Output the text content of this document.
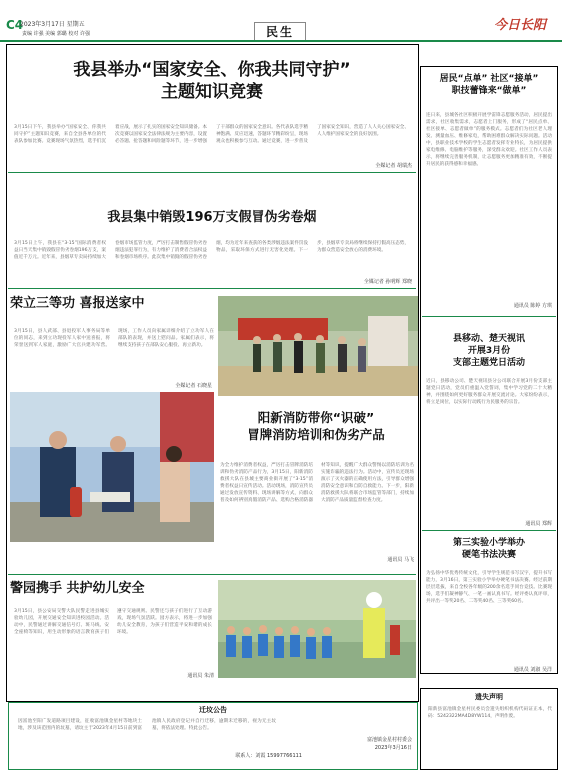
C4
2023年3月17日 星期五
责编 许强 美编 郭璐 校对 许强	民生	今日长阳
我县举办“国家安全、你我共同守护”
主题知识竞赛
3月15日下午，我县举办“国家安全、你我共同守护”主题知识竞赛，来自全县各单位的代表队参加比赛。竞赛现场气氛热烈，选手们沉着应战，展示了扎实的国家安全知识储备。本次竞赛以国家安全法律法规为主要内容，设置必答题、抢答题和风险题等环节，进一步增强了干部群众的国家安全意识。各代表队选手精神饱满、反应迅速，答题环节精彩纷呈，现场观众也积极参与互动。通过竞赛，进一步普及了国家安全知识，营造了人人关心国家安全、人人维护国家安全的良好氛围。
全媒记者 胡瑞杰
我县集中销毁196万支假冒伪劣卷烟
3月15日上午，我县在“3·15”国际消费者权益日当天集中销毁假冒伪劣卷烟196万支，案值近千万元。近年来，县烟草专卖局持续加大卷烟市场监管力度，严厉打击制售假冒伪劣卷烟违法犯罪行为，有力维护了消费者合法权益和卷烟市场秩序。此次集中销毁的假冒伪劣卷烟，均为近年来查获的各类涉烟违法案件罚没物品，采取环保方式进行无害化处理。下一步，县烟草专卖局将继续保持打假高压态势，为群众营造安全放心的消费环境。
全媒记者 孙明辉 郑晓
荣立三等功 喜报送家中
3月15日，县人武部、县退役军人事务局等单位的同志，来到立功现役军人家中送喜报，将荣誉送到军人家庭，激励广大官兵建功军营。现场，工作人员向家属详细介绍了立功军人在部队的表现，并送上慰问品。家属们表示，将继续支持孩子在部队安心服役、再立新功。
全媒记者 石晓星
阳新消防带你“识破”
冒牌消防培训和伪劣产品
为全力维护消费者权益，严厉打击冒牌消防培训和伪劣消防产品行为，3月15日，阳新消防救援大队在县城主要商业街开展了“3·15”消费者权益日宣传活动。活动现场，消防宣传员通过发放宣传资料、现场讲解等方式，向群众普及如何辨别真假消防产品、选购合格消防器材等知识，提醒广大群众警惕以消防培训为名实施诈骗的违法行为。活动中，宣传员还现场演示了灭火器的正确使用方法，引导群众增强消防安全意识和自防自救能力。下一步，阳新消防救援大队将联合市场监管等部门，持续加大消防产品质量监督检查力度。
通讯员 马飞
警园携手 共护幼儿安全
3月15日，县公安局交警大队民警走进县城实验幼儿园，开展交通安全知识进校园活动。活动中，民警通过讲解交通信号灯、斑马线、安全座椅等知识，用生动形象的语言教育孩子们遵守交通规则。民警还与孩子们进行了互动游戏，现场气氛活跃。园方表示，将进一步加强幼儿安全教育，为孩子们营造平安和谐的成长环境。
通讯员 朱清
迁坟公告
因富池至阳广发道路项目建设，征收富池镇金星村等地块土地，涉及该范围内的坟墓，请坟主于2023年4月15日前到富池镇人民政府登记并自行迁移，逾期未迁移的，视为无主坟墓，将依法处理。特此公告。
富池镇金星村村委会
2023年3月16日
联系人：刘霞 15997766111
居民“点单” 社区“接单”
职技蕾锋来“做单”
连日来，县城各社区积极开展学雷锋志愿服务活动，居民提出需求，社区收集需求，志愿者上门服务，形成了“居民点单、社区接单、志愿者做单”的服务模式。志愿者们为社区老人理发、测量血压、维修家电，帮助困难群众解决实际问题。活动中，县职业技术学校的学生志愿者发挥专业特长，为居民提供家电维修、电脑维护等服务，深受群众欢迎。社区工作人员表示，将继续完善服务机制，让志愿服务更加精准有效，不断提升居民的获得感和幸福感。
通讯员 陈婷 方琪
县移动、楚天视讯
开展3月份
支部主题党日活动
近日，县移动公司、楚天视讯县分公司联合开展3月份支部主题党日活动，党员们重温入党誓词，集中学习党的二十大精神，并围绕如何更好服务群众开展交流讨论。大家纷纷表示，将立足岗位，以实际行动践行为民服务的宗旨。
通讯员 郑辉
第三实验小学举办
硬笔书法决赛
为弘扬中华优秀传统文化，引导学生规范书写汉字，提升书写能力，3月16日，第三实验小学举办硬笔书法决赛。经过前期层层选拔，来自全校各年级的200余名选手同台竞技。比赛现场，选手们凝神静气、一笔一画认真书写。经评委认真评审，共评出一等奖20名、二等奖40名、三等奖60名。
通讯员 刘淑 吴洋
遗失声明
阳新县富池镇金星村民委员会遗失组织机构代码证正本，代码：5242322MA4D8YW114，声明作废。
